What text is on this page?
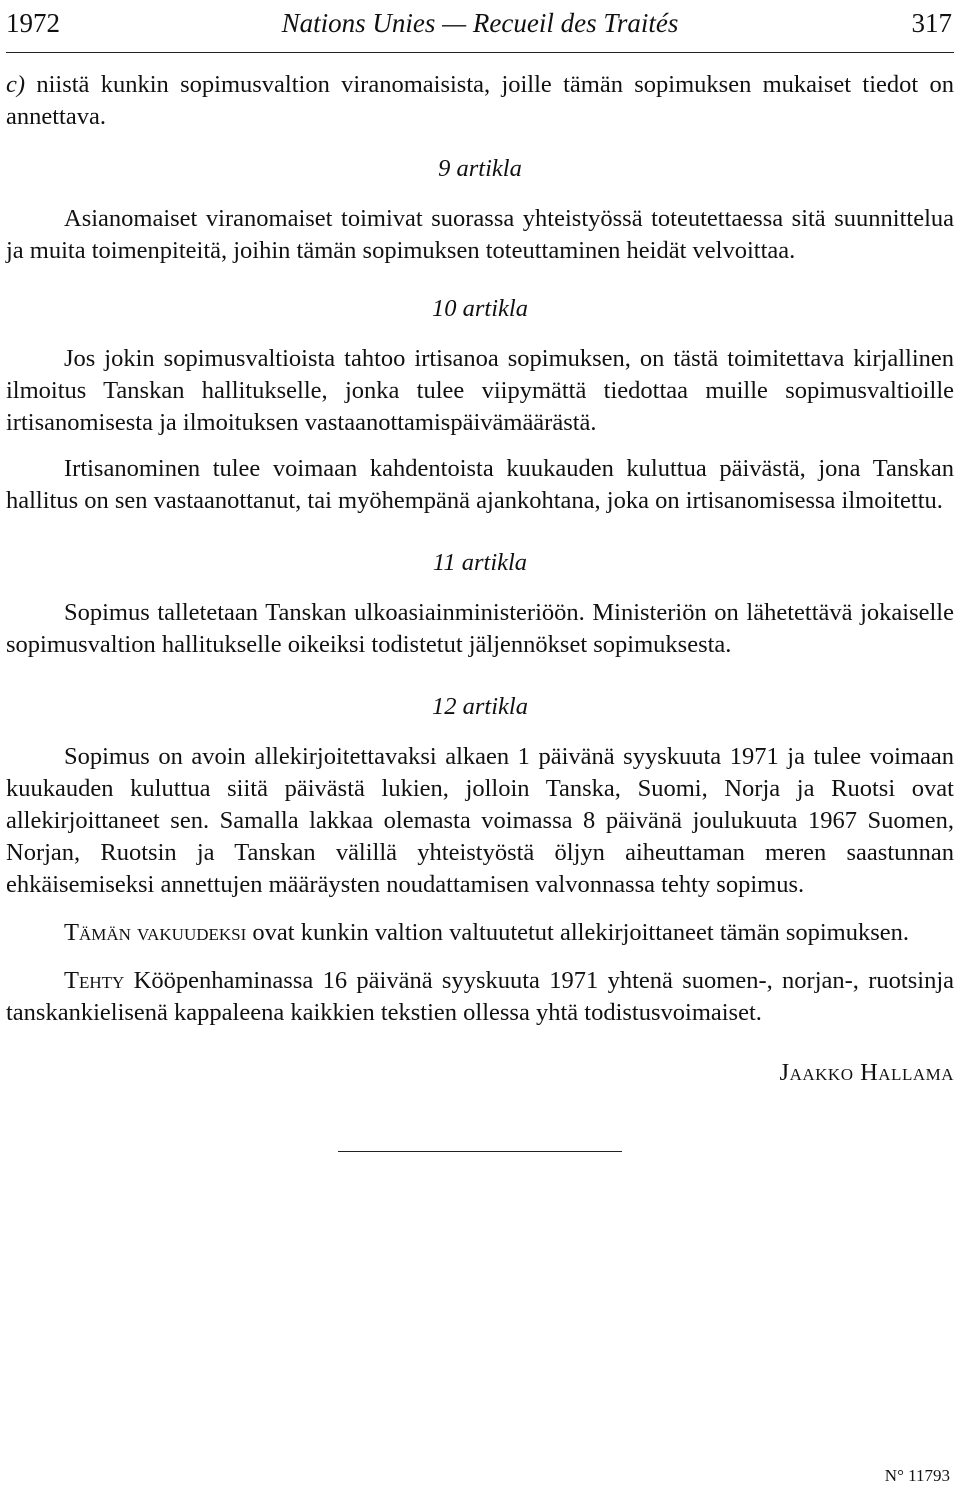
1972	Nations Unies — Recueil des Traités	317

c) niistä kunkin sopimusvaltion viranomaisista, joille tämän sopimuksen mukaiset tiedot on annettava.

9 artikla

Asianomaiset viranomaiset toimivat suorassa yhteistyössä toteutettaessa sitä suunnittelua ja muita toimenpiteitä, joihin tämän sopimuksen toteuttaminen heidät velvoittaa.

10 artikla

Jos jokin sopimusvaltioista tahtoo irtisanoa sopimuksen, on tästä toimitettava kirjallinen ilmoitus Tanskan hallitukselle, jonka tulee viipymättä tiedottaa muille sopimusvaltioille irtisanomisesta ja ilmoituksen vastaanottamispäivämäärästä.

Irtisanominen tulee voimaan kahdentoista kuukauden kuluttua päivästä, jona Tanskan hallitus on sen vastaanottanut, tai myöhempänä ajankohtana, joka on irtisanomisessa ilmoitettu.

11 artikla

Sopimus talletetaan Tanskan ulkoasiainministeriöön. Ministeriön on lähetettävä jokaiselle sopimusvaltion hallitukselle oikeiksi todistetut jäljennökset sopimuksesta.

12 artikla

Sopimus on avoin allekirjoitettavaksi alkaen 1 päivänä syyskuuta 1971 ja tulee voimaan kuukauden kuluttua siitä päivästä lukien, jolloin Tanska, Suomi, Norja ja Ruotsi ovat allekirjoittaneet sen. Samalla lakkaa olemasta voimassa 8 päivänä joulukuuta 1967 Suomen, Norjan, Ruotsin ja Tanskan välillä yhteistyöstä öljyn aiheuttaman meren saastunnan ehkäisemiseksi annettujen määräysten noudattamisen valvonnassa tehty sopimus.

Tämän vakuudeksi ovat kunkin valtion valtuutetut allekirjoittaneet tämän sopimuksen.

Tehty Kööpenhaminassa 16 päivänä syyskuuta 1971 yhtenä suomen-, norjan-, ruotsinja tanskankielisenä kappaleena kaikkien tekstien ollessa yhtä todistusvoimaiset.

Jaakko Hallama
N° 11793
